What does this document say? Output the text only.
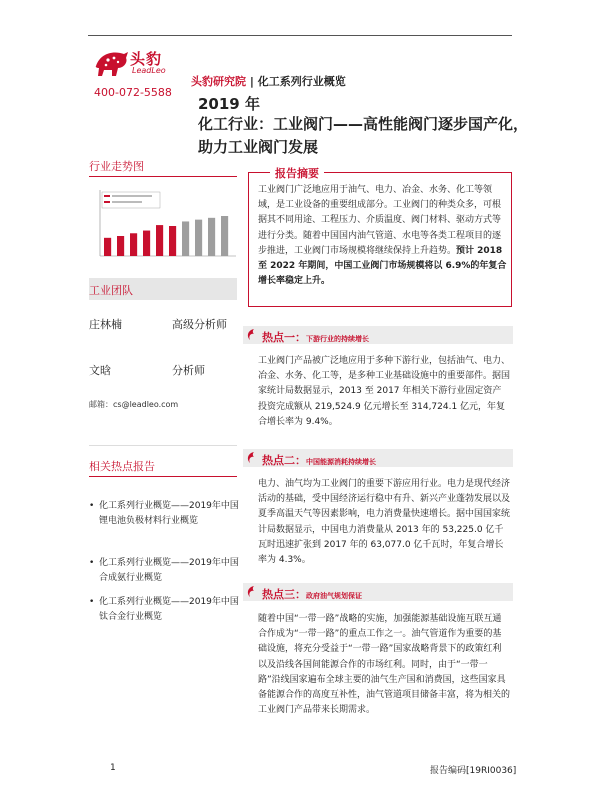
头豹
LeadLeo
400-072-5588
头豹研究院 | 化工系列行业概览
2019 年
化工行业：工业阀门——高性能阀门逐步国产化，助力工业阀门发展
行业走势图
工业团队
庄林楠	高级分析师
文晗	分析师
邮箱：cs@leadleo.com
相关热点报告
• 化工系列行业概览——2019年中国锂电池负极材料行业概览
• 化工系列行业概览——2019年中国合成氨行业概览
• 化工系列行业概览——2019年中国钛合金行业概览
报告摘要
工业阀门广泛地应用于油气、电力、冶金、水务、化工等领域，是工业设备的重要组成部分。工业阀门的种类众多，可根据其不同用途、工程压力、介质温度、阀门材料、驱动方式等进行分类。随着中国国内油气管道、水电等各类工程项目的逐步推进，工业阀门市场规模将继续保持上升趋势。预计 2018 至 2022 年期间，中国工业阀门市场规模将以 6.9%的年复合增长率稳定上升。
热点一：下游行业的持续增长
工业阀门产品被广泛地应用于多种下游行业，包括油气、电力、冶金、水务、化工等，是多种工业基础设施中的重要部件。据国家统计局数据显示，2013 至 2017 年相关下游行业固定资产投资完成额从 219,524.9 亿元增长至 314,724.1 亿元，年复合增长率为 9.4%。
热点二：中国能源消耗持续增长
电力、油气均为工业阀门的重要下游应用行业。电力是现代经济活动的基础，受中国经济运行稳中有升、新兴产业蓬勃发展以及夏季高温天气等因素影响，电力消费量快速增长。据中国国家统计局数据显示，中国电力消费量从 2013 年的 53,225.0 亿千瓦时迅速扩张到 2017 年的 63,077.0 亿千瓦时，年复合增长率为 4.3%。
热点三：政府油气规划保证
随着中国“一带一路”战略的实施，加强能源基础设施互联互通合作成为“一带一路”的重点工作之一。油气管道作为重要的基础设施，将充分受益于“一带一路”国家战略背景下的政策红利以及沿线各国间能源合作的市场红利。同时，由于“一带一路”沿线国家遍布全球主要的油气生产国和消费国，这些国家具备能源合作的高度互补性，油气管道项目储备丰富，将为相关的工业阀门产品带来长期需求。
1	报告编码[19RI0036]
